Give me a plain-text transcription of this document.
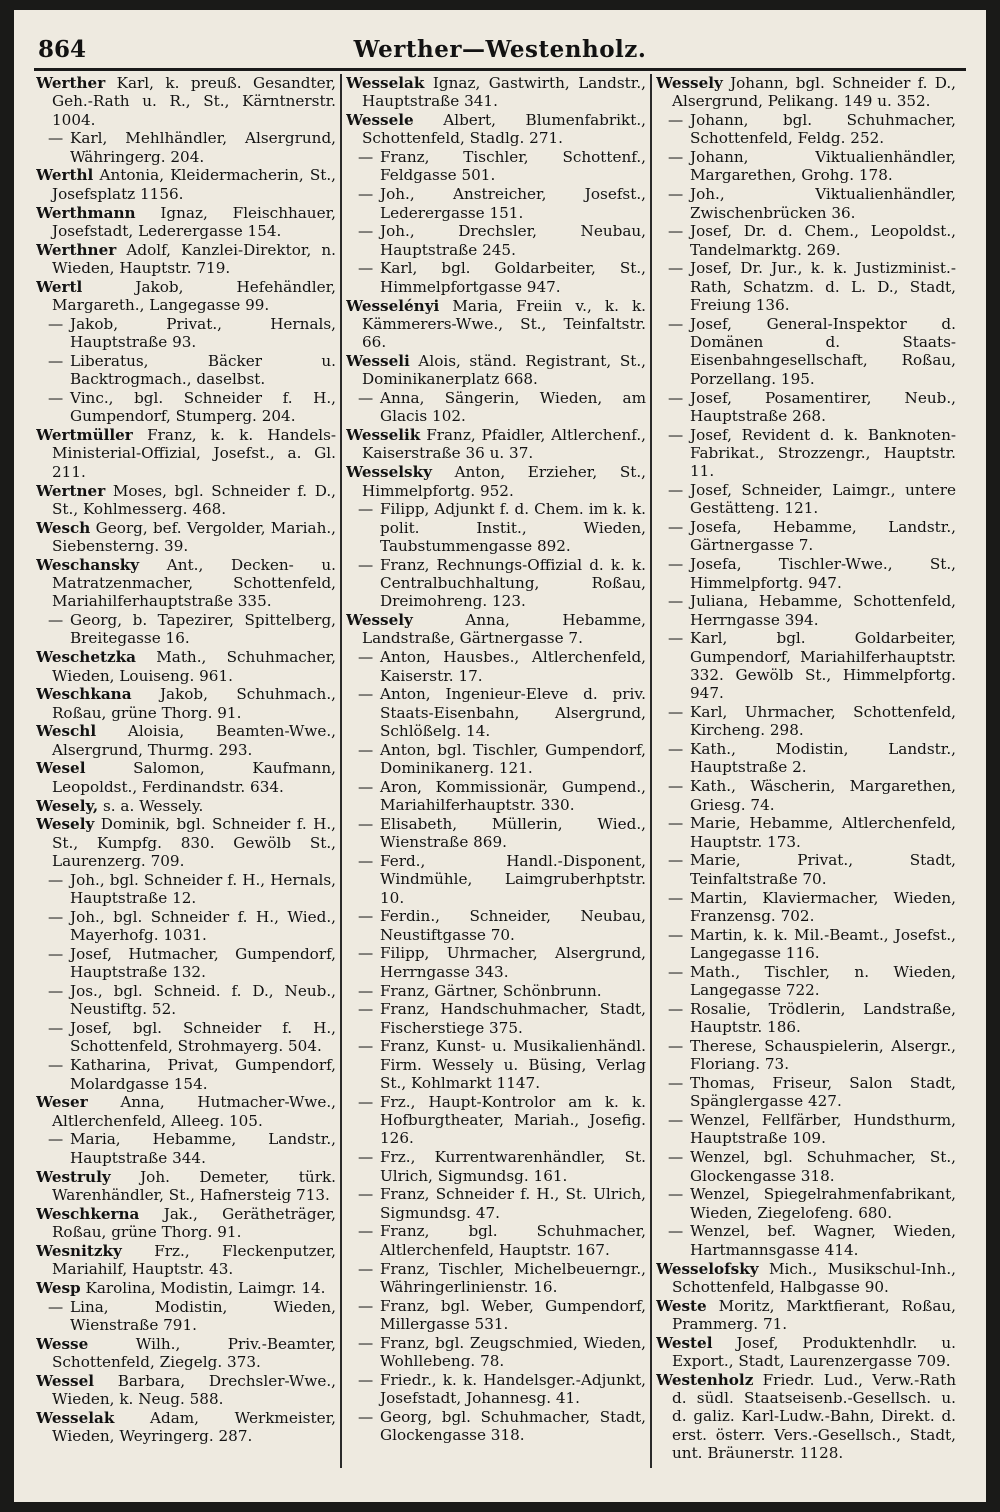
864	Werther—Westenholz.

Werther Karl, k. preuß. Gesandter, Geh.-Rath u. R., St., Kärntnerstr. 1004.

— Karl, Mehlhändler, Alsergrund, Währingerg. 204.

Werthl Antonia, Kleidermacherin, St., Josefsplatz 1156.

Werthmann Ignaz, Fleischhauer, Josefstadt, Lederergasse 154.

Werthner Adolf, Kanzlei-Direktor, n. Wieden, Hauptstr. 719.

Wertl	Jakob, Hefehändler, Margareth., Langegasse 99.

— Jakob, Privat., Hernals, Hauptstraße 93.

— Liberatus, Bäcker u. Backtrogmach., daselbst.

— Vinc., bgl. Schneider f. H., Gumpendorf, Stumperg. 204.

Wertmüller Franz, k. k. Handels-Ministerial-Offizial, Josefst., a. Gl. 211.

Wertner Moses, bgl. Schneider f. D., St., Kohlmesserg. 468.

Wesch Georg, bef. Vergolder, Mariah., Siebensterng. 39.

Weschansky Ant., Decken- u. Matratzenmacher, Schottenfeld, Mariahilferhauptstraße 335.

— Georg, b. Tapezirer, Spittelberg, Breitegasse 16.

Weschetzka Math., Schuhmacher, Wieden, Louiseng. 961.

Weschkana Jakob, Schuhmach., Roßau, grüne Thorg. 91.

Weschl Aloisia, Beamten-Wwe., Alsergrund, Thurmg. 293.

Wesel	Salomon, Kaufmann, Leopoldst., Ferdinandstr. 634.

Wesely, s. a. Wessely.

Wesely Dominik, bgl. Schneider f. H., St., Kumpfg. 830. Gewölb St., Laurenzerg. 709.

— Joh., bgl. Schneider f. H., Hernals, Hauptstraße 12.

— Joh., bgl. Schneider f. H., Wied., Mayerhofg. 1031.

— Josef, Hutmacher, Gumpendorf, Hauptstraße 132.

— Jos., bgl. Schneid. f. D., Neub., Neustiftg. 52.

— Josef, bgl. Schneider f. H., Schottenfeld, Strohmayerg. 504.

— Katharina, Privat, Gumpendorf, Molardgasse 154.

Weser Anna, Hutmacher-Wwe., Altlerchenfeld, Alleeg. 105.

— Maria, Hebamme, Landstr., Hauptstraße 344.

Westruly Joh. Demeter, türk. Warenhändler, St., Hafnersteig 713.

Weschkerna Jak., Gerätheträger, Roßau, grüne Thorg. 91.

Wesnitzky Frz., Fleckenputzer, Mariahilf, Hauptstr. 43.

Wesp Karolina, Modistin, Laimgr. 14.

— Lina, Modistin, Wieden, Wienstraße 791.

Wesse	Wilh., Priv.-Beamter, Schottenfeld, Ziegelg. 373.

Wessel Barbara, Drechsler-Wwe., Wieden, k. Neug. 588.

Wesselak Adam, Werkmeister, Wieden, Weyringerg. 287.

Wesselak Ignaz, Gastwirth, Landstr., Hauptstraße 341.

Wessele Albert, Blumenfabrikt., Schottenfeld, Stadlg. 271.

— Franz, Tischler, Schottenf., Feldgasse 501.

— Joh., Anstreicher, Josefst., Lederergasse 151.

— Joh., Drechsler, Neubau, Hauptstraße 245.

— Karl, bgl. Goldarbeiter, St., Himmelpfortgasse 947.

Wesselényi Maria, Freiin v., k. k. Kämmerers-Wwe., St., Teinfaltstr. 66.

Wesseli Alois, ständ. Registrant, St., Dominikanerplatz 668.

— Anna, Sängerin, Wieden, am Glacis 102.

Wesselik Franz, Pfaidler, Altlerchenf., Kaiserstraße 36 u. 37.

Wesselsky Anton, Erzieher, St., Himmelpfortg. 952.

— Filipp, Adjunkt f. d. Chem. im k. k. polit. Instit., Wieden, Taubstummengasse 892.

— Franz, Rechnungs-Offizial d. k. k. Centralbuchhaltung, Roßau, Dreimohreng. 123.

Wessely	Anna, Hebamme, Landstraße, Gärtnergasse 7.

— Anton, Hausbes., Altlerchenfeld, Kaiserstr. 17.

— Anton, Ingenieur-Eleve d. priv. Staats-Eisenbahn, Alsergrund, Schlößelg. 14.

— Anton, bgl. Tischler, Gumpendorf, Dominikanerg. 121.

— Aron, Kommissionär, Gumpend., Mariahilferhauptstr. 330.

— Elisabeth, Müllerin, Wied., Wienstraße 869.

— Ferd., Handl.-Disponent, Windmühle, Laimgruberhptstr. 10.

— Ferdin., Schneider, Neubau, Neustiftgasse 70.

— Filipp, Uhrmacher, Alsergrund, Herrngasse 343.

— Franz, Gärtner, Schönbrunn.

— Franz, Handschuhmacher, Stadt, Fischerstiege 375.

— Franz, Kunst- u. Musikalienhändl. Firm. Wessely u. Büsing, Verlag St., Kohlmarkt 1147.

— Frz., Haupt-Kontrolor am k. k. Hofburgtheater, Mariah., Josefig. 126.

— Frz., Kurrentwarenhändler, St. Ulrich, Sigmundsg. 161.

— Franz, Schneider f. H., St. Ulrich, Sigmundsg. 47.

— Franz, bgl. Schuhmacher, Altlerchenfeld, Hauptstr. 167.

— Franz, Tischler, Michelbeuerngr., Währingerlinienstr. 16.

— Franz, bgl. Weber, Gumpendorf, Millergasse 531.

— Franz, bgl. Zeugschmied, Wieden, Wohllebeng. 78.

— Friedr., k. k. Handelsger.-Adjunkt, Josefstadt, Johannesg. 41.

— Georg, bgl. Schuhmacher, Stadt, Glockengasse 318.

Wessely Johann, bgl. Schneider f. D., Alsergrund, Pelikang. 149 u. 352.

— Johann, bgl. Schuhmacher, Schottenfeld, Feldg. 252.

— Johann, Viktualienhändler, Margarethen, Grohg. 178.

— Joh., Viktualienhändler, Zwischenbrücken 36.

— Josef, Dr. d. Chem., Leopoldst., Tandelmarktg. 269.

— Josef, Dr. Jur., k. k. Justizminist.-Rath, Schatzm. d. L. D., Stadt, Freiung 136.

— Josef, General-Inspektor d. Domänen d. Staats-Eisenbahngesellschaft, Roßau, Porzellang. 195.

— Josef, Posamentirer, Neub., Hauptstraße 268.

— Josef, Revident d. k. Banknoten-Fabrikat., Strozzengr., Hauptstr. 11.

— Josef, Schneider, Laimgr., untere Gestätteng. 121.

— Josefa, Hebamme, Landstr., Gärtnergasse 7.

— Josefa, Tischler-Wwe., St., Himmelpfortg. 947.

— Juliana, Hebamme, Schottenfeld, Herrngasse 394.

— Karl, bgl. Goldarbeiter, Gumpendorf, Mariahilferhauptstr. 332. Gewölb St., Himmelpfortg. 947.

— Karl, Uhrmacher, Schottenfeld, Kircheng. 298.

— Kath., Modistin, Landstr., Hauptstraße 2.

— Kath., Wäscherin, Margarethen, Griesg. 74.

— Marie, Hebamme, Altlerchenfeld, Hauptstr. 173.

— Marie, Privat., Stadt, Teinfaltstraße 70.

— Martin, Klaviermacher, Wieden, Franzensg. 702.

— Martin, k. k. Mil.-Beamt., Josefst., Langegasse 116.

— Math., Tischler, n. Wieden, Langegasse 722.

— Rosalie, Trödlerin, Landstraße, Hauptstr. 186.

— Therese, Schauspielerin, Alsergr., Floriang. 73.

— Thomas, Friseur, Salon Stadt, Spänglergasse 427.

— Wenzel, Fellfärber, Hundsthurm, Hauptstraße 109.

— Wenzel, bgl. Schuhmacher, St., Glockengasse 318.

— Wenzel, Spiegelrahmenfabrikant, Wieden, Ziegelofeng. 680.

— Wenzel, bef. Wagner, Wieden, Hartmannsgasse 414.

Wesselofsky Mich., Musikschul-Inh., Schottenfeld, Halbgasse 90.

Weste Moritz, Marktfierant, Roßau, Prammerg. 71.

Westel Josef, Produktenhdlr. u. Export., Stadt, Laurenzergasse 709.

Westenholz Friedr. Lud., Verw.-Rath d. südl. Staatseisenb.-Gesellsch. u. d. galiz. Karl-Ludw.-Bahn, Direkt. d. erst. österr. Vers.-Gesellsch., Stadt, unt. Bräunerstr. 1128.
